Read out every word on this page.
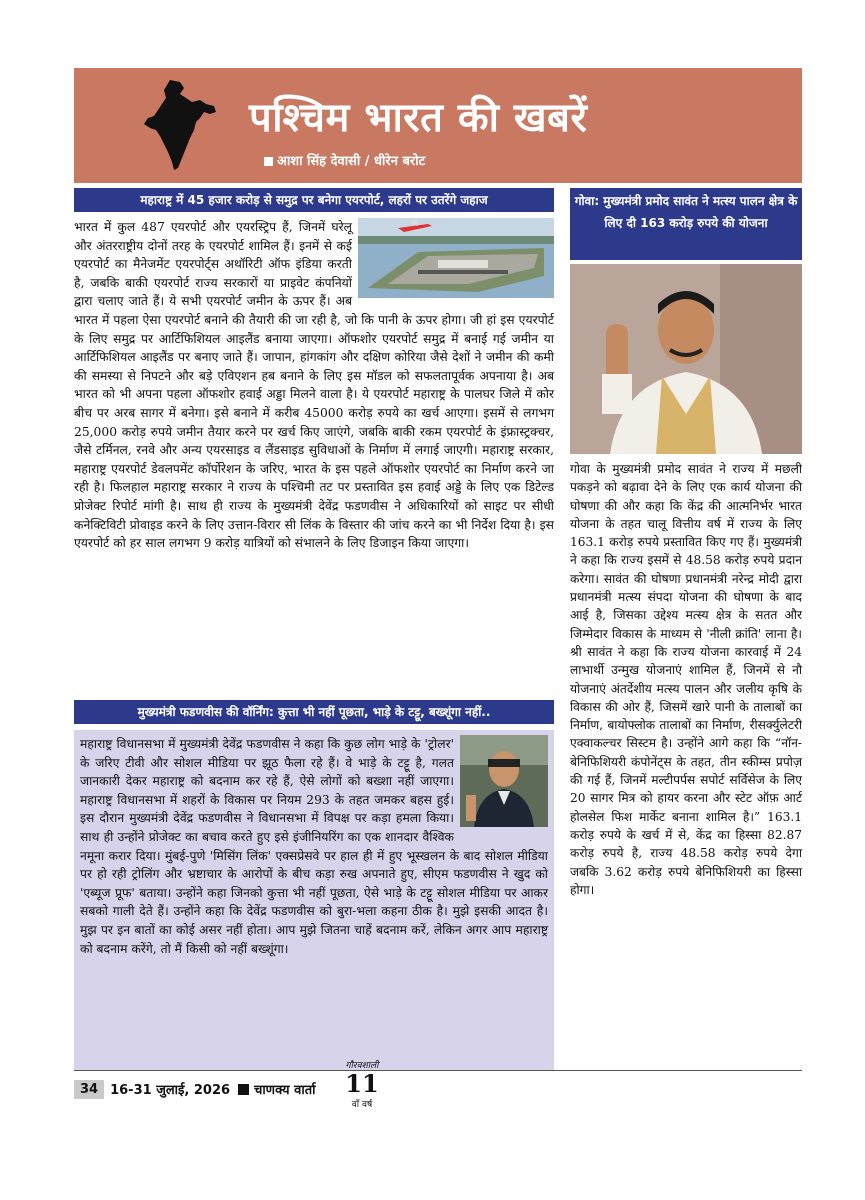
पश्चिम भारत की खबरें
आशा सिंह देवासी / धीरेन बरोट
महाराष्ट्र में 45 हजार करोड़ से समुद्र पर बनेगा एयरपोर्ट, लहरों पर उतरेंगे जहाज

भारत में कुल 487 एयरपोर्ट और एयरस्ट्रिप हैं, जिनमें घरेलू और अंतरराष्ट्रीय दोनों तरह के एयरपोर्ट शामिल हैं। इनमें से कई एयरपोर्ट का मैनेजमेंट एयरपोर्ट्स अथॉरिटी ऑफ इंडिया करती है, जबकि बाकी एयरपोर्ट राज्य सरकारों या प्राइवेट कंपनियों द्वारा चलाए जाते हैं। ये सभी एयरपोर्ट जमीन के ऊपर हैं। अब भारत में पहला ऐसा एयरपोर्ट बनाने की तैयारी की जा रही है, जो कि पानी के ऊपर होगा। जी हां इस एयरपोर्ट के लिए समुद्र पर आर्टिफिशियल आइलैंड बनाया जाएगा। ऑफशोर एयरपोर्ट समुद्र में बनाई गई जमीन या आर्टिफिशियल आइलैंड पर बनाए जाते हैं। जापान, हांगकांग और दक्षिण कोरिया जैसे देशों ने जमीन की कमी की समस्या से निपटने और बड़े एविएशन हब बनाने के लिए इस मॉडल को सफलतापूर्वक अपनाया है। अब भारत को भी अपना पहला ऑफशोर हवाई अड्डा मिलने वाला है। ये एयरपोर्ट महाराष्ट्र के पालघर जिले में कोर बीच पर अरब सागर में बनेगा। इसे बनाने में करीब 45000 करोड़ रुपये का खर्च आएगा। इसमें से लगभग 25,000 करोड़ रुपये जमीन तैयार करने पर खर्च किए जाएंगे, जबकि बाकी रकम एयरपोर्ट के इंफ्रास्ट्रक्चर, जैसे टर्मिनल, रनवे और अन्य एयरसाइड व लैंडसाइड सुविधाओं के निर्माण में लगाई जाएगी। महाराष्ट्र सरकार, महाराष्ट्र एयरपोर्ट डेवलपमेंट कॉर्पोरेशन के जरिए, भारत के इस पहले ऑफशोर एयरपोर्ट का निर्माण करने जा रही है। फिलहाल महाराष्ट्र सरकार ने राज्य के पश्चिमी तट पर प्रस्तावित इस हवाई अड्डे के लिए एक डिटेल्ड प्रोजेक्ट रिपोर्ट मांगी है। साथ ही राज्य के मुख्यमंत्री देवेंद्र फडणवीस ने अधिकारियों को साइट पर सीधी कनेक्टिविटी प्रोवाइड करने के लिए उत्तान-विरार सी लिंक के विस्तार की जांच करने का भी निर्देश दिया है। इस एयरपोर्ट को हर साल लगभग 9 करोड़ यात्रियों को संभालने के लिए डिजाइन किया जाएगा।

मुख्यमंत्री फडणवीस की वॉर्निंग: कुत्ता भी नहीं पूछता, भाड़े के टट्टू, बख्शूंगा नहीं..

महाराष्ट्र विधानसभा में मुख्यमंत्री देवेंद्र फडणवीस ने कहा कि कुछ लोग भाड़े के 'ट्रोलर' के जरिए टीवी और सोशल मीडिया पर झूठ फैला रहे हैं। वे भाड़े के टट्टू है, गलत जानकारी देकर महाराष्ट्र को बदनाम कर रहे हैं, ऐसे लोगों को बख्शा नहीं जाएगा। महाराष्ट्र विधानसभा में शहरों के विकास पर नियम 293 के तहत जमकर बहस हुई। इस दौरान मुख्यमंत्री देवेंद्र फडणवीस ने विधानसभा में विपक्ष पर कड़ा हमला किया। साथ ही उन्होंने प्रोजेक्ट का बचाव करते हुए इसे इंजीनियरिंग का एक शानदार वैश्विक नमूना करार दिया। मुंबई-पुणे 'मिसिंग लिंक' एक्सप्रेसवे पर हाल ही में हुए भूस्खलन के बाद सोशल मीडिया पर हो रही ट्रोलिंग और भ्रष्टाचार के आरोपों के बीच कड़ा रुख अपनाते हुए, सीएम फडणवीस ने खुद को 'एब्यूज प्रूफ' बताया। उन्होंने कहा जिनको कुत्ता भी नहीं पूछता, ऐसे भाड़े के टट्टू सोशल मीडिया पर आकर सबको गाली देते हैं। उन्होंने कहा कि देवेंद्र फडणवीस को बुरा-भला कहना ठीक है। मुझे इसकी आदत है। मुझ पर इन बातों का कोई असर नहीं होता। आप मुझे जितना चाहें बदनाम करें, लेकिन अगर आप महाराष्ट्र को बदनाम करेंगे, तो मैं किसी को नहीं बख्शूंगा।

गोवा: मुख्यमंत्री प्रमोद सावंत ने मत्स्य पालन क्षेत्र के लिए दी 163 करोड़ रुपये की योजना

गोवा के मुख्यमंत्री प्रमोद सावंत ने राज्य में मछली पकड़ने को बढ़ावा देने के लिए एक कार्य योजना की घोषणा की और कहा कि केंद्र की आत्मनिर्भर भारत योजना के तहत चालू वित्तीय वर्ष में राज्य के लिए 163.1 करोड़ रुपये प्रस्तावित किए गए हैं। मुख्यमंत्री ने कहा कि राज्य इसमें से 48.58 करोड़ रुपये प्रदान करेगा। सावंत की घोषणा प्रधानमंत्री नरेन्द्र मोदी द्वारा प्रधानमंत्री मत्स्य संपदा योजना की घोषणा के बाद आई है, जिसका उद्देश्य मत्स्य क्षेत्र के सतत और जिम्मेदार विकास के माध्यम से 'नीली क्रांति' लाना है। श्री सावंत ने कहा कि राज्य योजना कारवाई में 24 लाभार्थी उन्मुख योजनाएं शामिल हैं, जिनमें से नौ योजनाएं अंतर्देशीय मत्स्य पालन और जलीय कृषि के विकास की ओर हैं, जिसमें खारे पानी के तालाबों का निर्माण, बायोफ्लोक तालाबों का निर्माण, रीसर्क्युलेटरी एक्वाकल्चर सिस्टम है। उन्होंने आगे कहा कि “नॉन-बेनिफिशियरी कंपोनेंट्स के तहत, तीन स्कीम्स प्रपोज़ की गई हैं, जिनमें मल्टीपर्पस सपोर्ट सर्विसेज के लिए 20 सागर मित्र को हायर करना और स्टेट ऑफ़ आर्ट होलसेल फिश मार्केट बनाना शामिल है।” 163.1 करोड़ रुपये के खर्च में से, केंद्र का हिस्सा 82.87 करोड़ रुपये है, राज्य 48.58 करोड़ रुपये देगा जबकि 3.62 करोड़ रुपये बेनिफिशियरी का हिस्सा होगा।

34 16-31 जुलाई, 2026 चाणक्य वार्ता
गौरवशाली
11
वाँ वर्ष
